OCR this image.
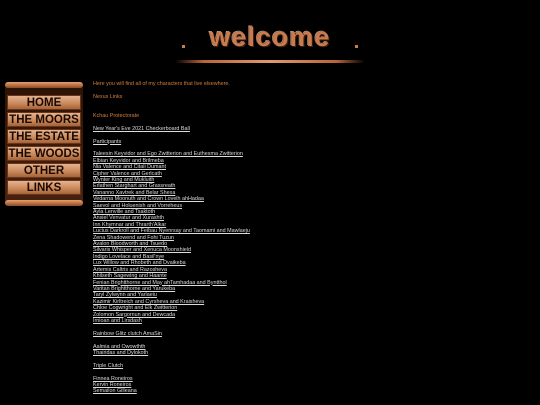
welcome
HOME
THE MOORS
THE ESTATE
THE WOODS
OTHER
LINKS
Here you will find all of my characters that live elsewhere.
Nexus Links
Kchau Protectorate
New Year's Eve 2021 Checkerboard Ball
Participants
Taleesin Keyvidor and Ego Zwitterion and Euthesma Zwitterion
Elbian Keyvidor and Brilmeba
Nia Valence and Citali Dumant
Cipher Valence and Gerlcath
Wynter King and Mukluith
Erlathen Starghart and Grassreath
Vananno Xavtrek and Belar Shexa
Vedarna Moonuth and Crown Lovelh ahHadaa
Saevol and Holuenish and Vorreheus
Ayla Lenville and Tsaktoth
Ansiel Venvatur and Xurashth
Inn Khymnar and Thrarth'Alkar
Lucius Darkroll and Feibau Nyenrsay and Taomami and Mawlaeju
Zena Shadowend and Fohi Tuzun
Avalon Bloodworth and Tsuedo
Silvaris Whisper and Xenuca Moonshield
Indigo Lovelace and Basil'nye
Lux Willow and Rhobeth and Dvaikeba
Artemis Caltris and Razosheva
Khilseth Sagewing and Haante
Fenian Brightthorne and May ahTamhadaa and Byntthol
Varitan Brightthorne and Yarukeba
Taryl Zylwynn and Yarlaeiu
Kazimir Kirltreich and Cyrsheva and Kraisheva
Chloe Cogwright and Elk Zwitterion
Zolomon Sargornun and Dewcada
Irnioan and Lirsdash
Rainbow Glitz clutch AmaSin
Aalmia and Owowthth
Thairidas and Dylokoth
Triple Clutch
Finnea Roneiros
Kervin Roneiros
Semailon Gilleana
